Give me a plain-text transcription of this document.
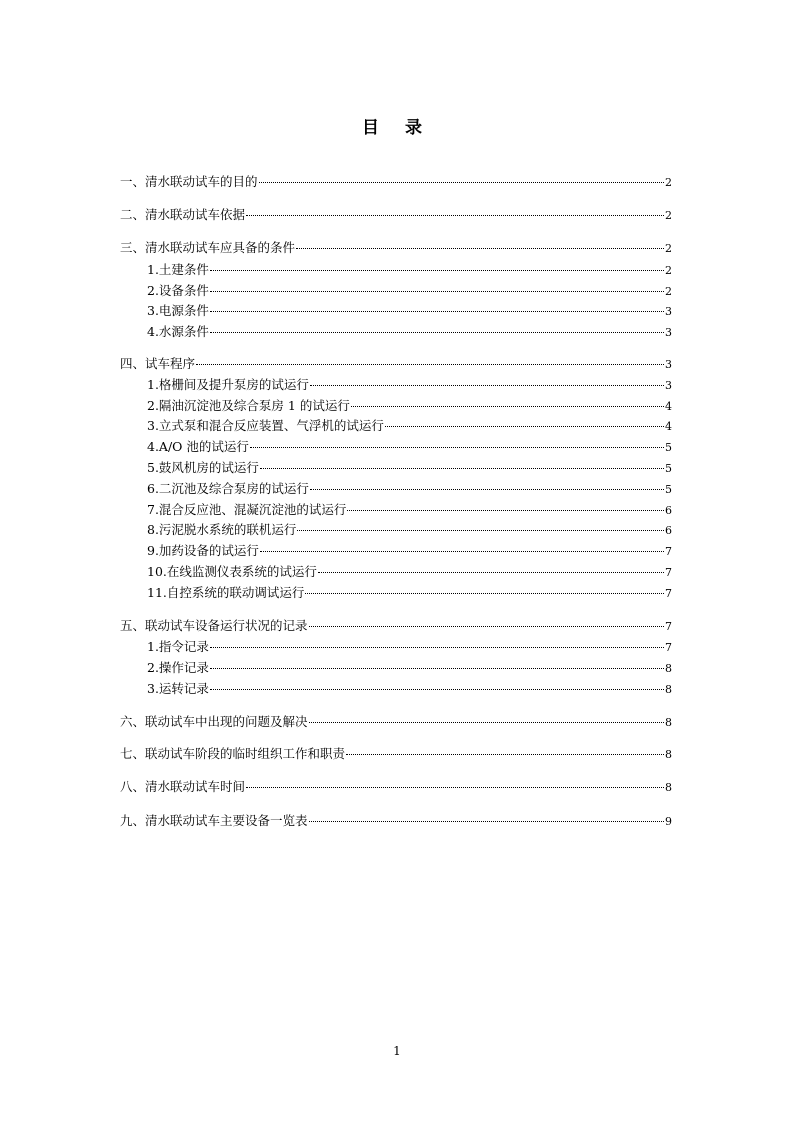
目 录
一、清水联动试车的目的	2
二、清水联动试车依据	2
三、清水联动试车应具备的条件	2
1.土建条件	2
2.设备条件	2
3.电源条件	3
4.水源条件	3
四、试车程序	3
1.格栅间及提升泵房的试运行	3
2.隔油沉淀池及综合泵房 1 的试运行	4
3.立式泵和混合反应装置、气浮机的试运行	4
4.A/O 池的试运行	5
5.鼓风机房的试运行	5
6.二沉池及综合泵房的试运行	5
7.混合反应池、混凝沉淀池的试运行	6
8.污泥脱水系统的联机运行	6
9.加药设备的试运行	7
10.在线监测仪表系统的试运行	7
11.自控系统的联动调试运行	7
五、联动试车设备运行状况的记录	7
1.指令记录	7
2.操作记录	8
3.运转记录	8
六、联动试车中出现的问题及解决	8
七、联动试车阶段的临时组织工作和职责	8
八、清水联动试车时间	8
九、清水联动试车主要设备一览表	9
1
